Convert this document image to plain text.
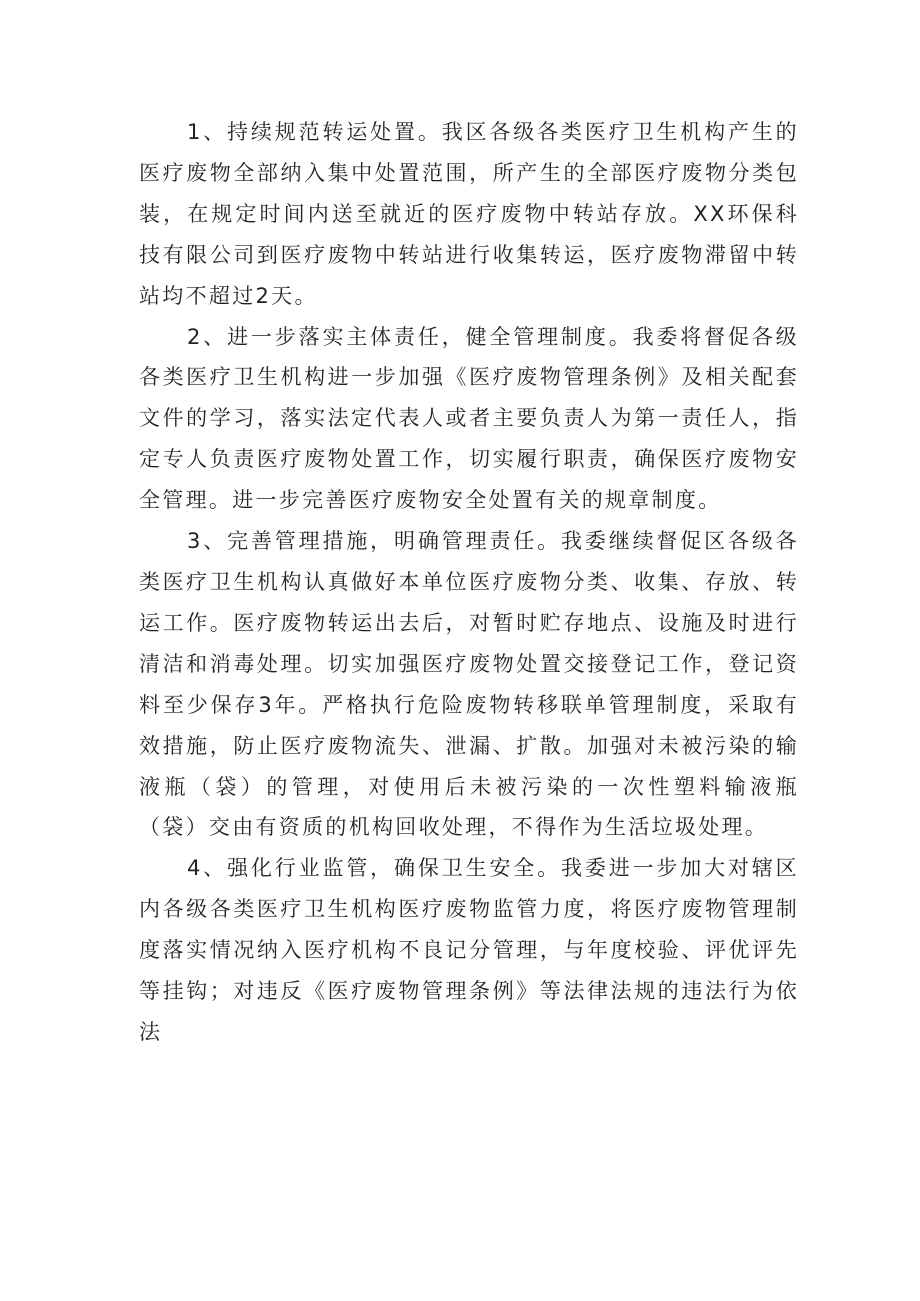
1、持续规范转运处置。我区各级各类医疗卫生机构产生的医疗废物全部纳入集中处置范围，所产生的全部医疗废物分类包装，在规定时间内送至就近的医疗废物中转站存放。XX环保科技有限公司到医疗废物中转站进行收集转运，医疗废物滞留中转站均不超过2天。

2、进一步落实主体责任，健全管理制度。我委将督促各级各类医疗卫生机构进一步加强《医疗废物管理条例》及相关配套文件的学习，落实法定代表人或者主要负责人为第一责任人，指定专人负责医疗废物处置工作，切实履行职责，确保医疗废物安全管理。进一步完善医疗废物安全处置有关的规章制度。

3、完善管理措施，明确管理责任。我委继续督促区各级各类医疗卫生机构认真做好本单位医疗废物分类、收集、存放、转运工作。医疗废物转运出去后，对暂时贮存地点、设施及时进行清洁和消毒处理。切实加强医疗废物处置交接登记工作，登记资料至少保存3年。严格执行危险废物转移联单管理制度，采取有效措施，防止医疗废物流失、泄漏、扩散。加强对未被污染的输液瓶（袋）的管理，对使用后未被污染的一次性塑料输液瓶（袋）交由有资质的机构回收处理，不得作为生活垃圾处理。

4、强化行业监管，确保卫生安全。我委进一步加大对辖区内各级各类医疗卫生机构医疗废物监管力度，将医疗废物管理制度落实情况纳入医疗机构不良记分管理，与年度校验、评优评先等挂钩；对违反《医疗废物管理条例》等法律法规的违法行为依法
